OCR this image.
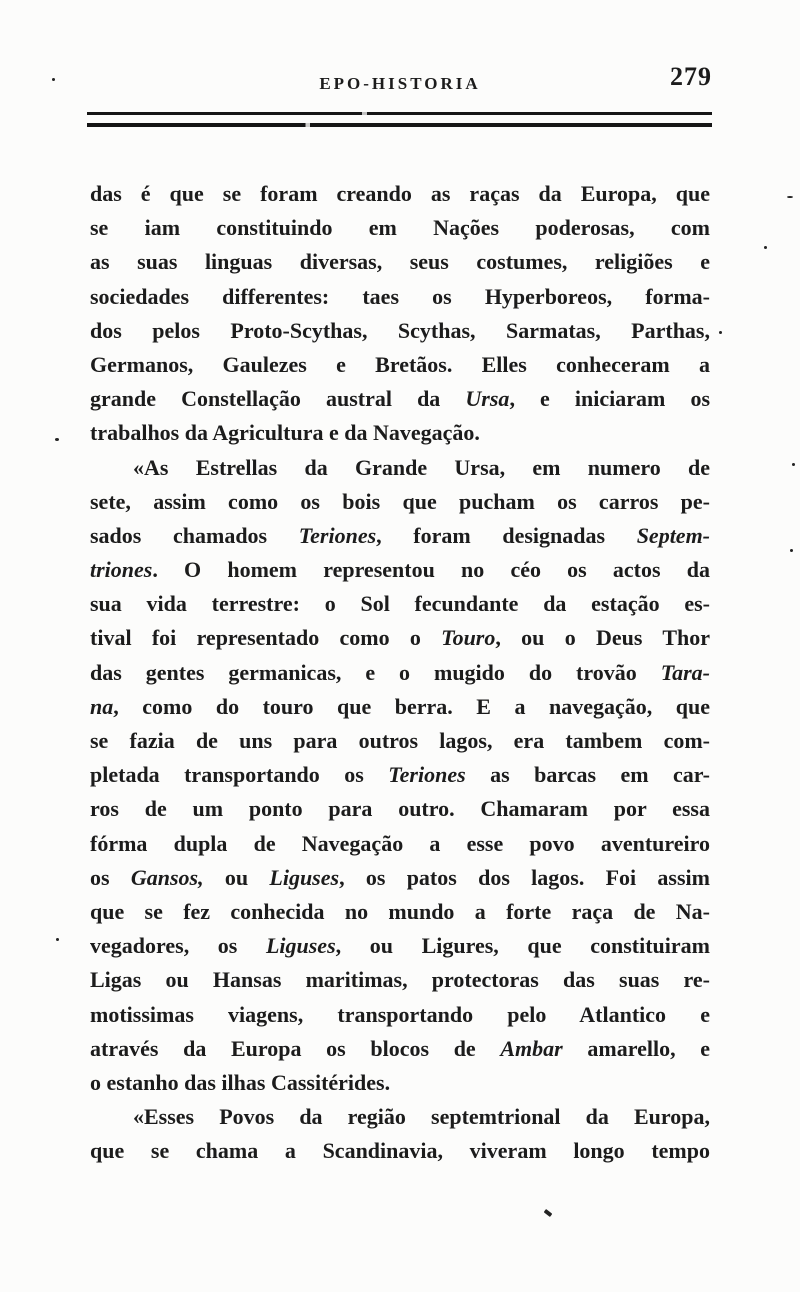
EPO-HISTORIA	279
das é que se foram creando as raças da Europa, que
se iam constituindo em Nações poderosas, com
as suas linguas diversas, seus costumes, religiões e
sociedades differentes: taes os Hyperboreos, forma-
dos pelos Proto-Scythas, Scythas, Sarmatas, Parthas,
Germanos, Gaulezes e Bretãos. Elles conheceram a
grande Constellação austral da Ursa, e iniciaram os
trabalhos da Agricultura e da Navegação.
«As Estrellas da Grande Ursa, em numero de
sete, assim como os bois que pucham os carros pe-
sados chamados Teriones, foram designadas Septem-
triones. O homem representou no céo os actos da
sua vida terrestre: o Sol fecundante da estação es-
tival foi representado como o Touro, ou o Deus Thor
das gentes germanicas, e o mugido do trovão Tara-
na, como do touro que berra. E a navegação, que
se fazia de uns para outros lagos, era tambem com-
pletada transportando os Teriones as barcas em car-
ros de um ponto para outro. Chamaram por essa
fórma dupla de Navegação a esse povo aventureiro
os Gansos, ou Liguses, os patos dos lagos. Foi assim
que se fez conhecida no mundo a forte raça de Na-
vegadores, os Liguses, ou Ligures, que constituiram
Ligas ou Hansas maritimas, protectoras das suas re-
motissimas viagens, transportando pelo Atlantico e
através da Europa os blocos de Ambar amarello, e
o estanho das ilhas Cassitérides.
«Esses Povos da região septemtrional da Europa,
que se chama a Scandinavia, viveram longo tempo
